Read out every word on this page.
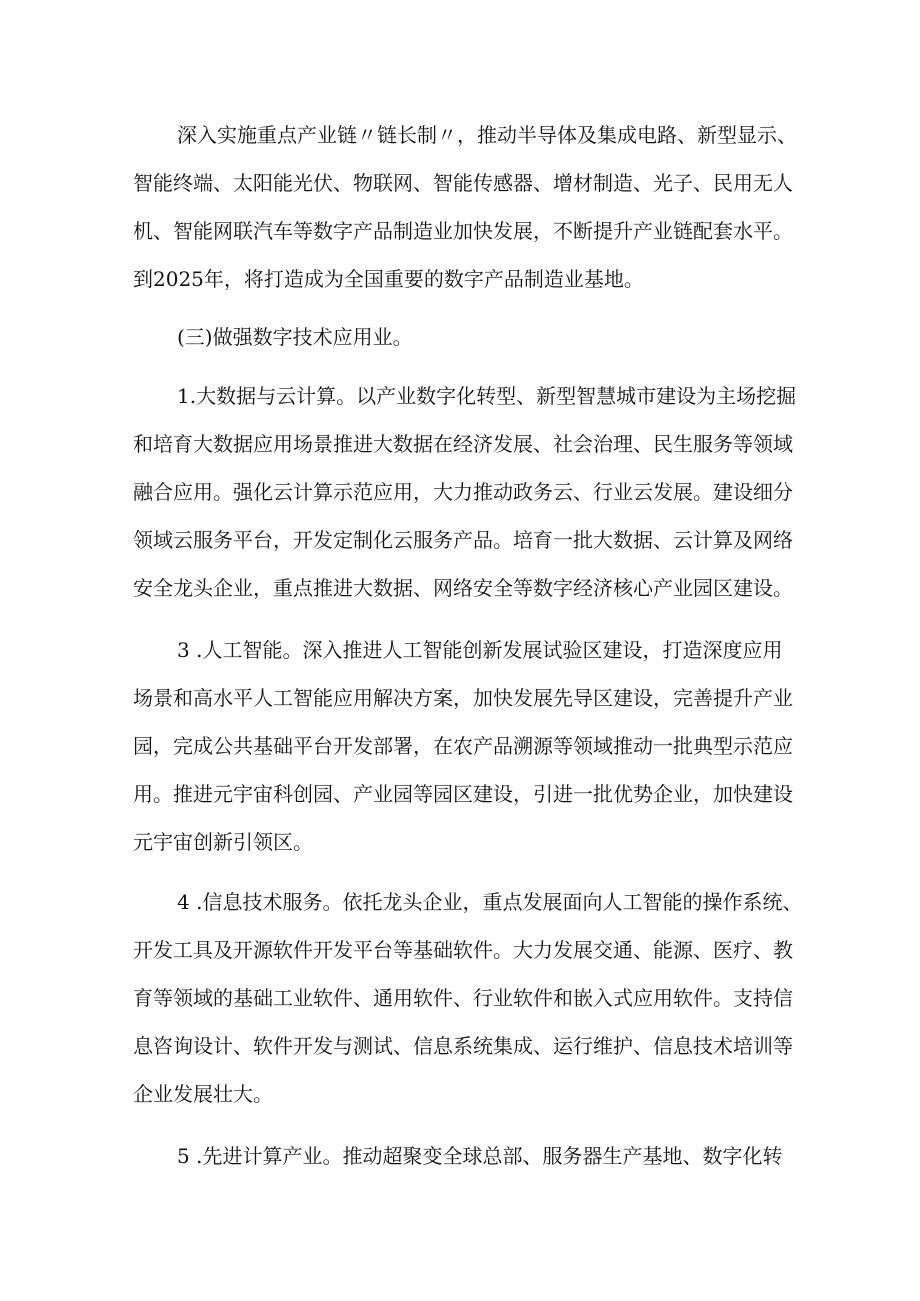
深入实施重点产业链〃链长制〃，推动半导体及集成电路、新型显示、
智能终端、太阳能光伏、物联网、智能传感器、增材制造、光子、民用无人
机、智能网联汽车等数字产品制造业加快发展，不断提升产业链配套水平。
到2025年，将打造成为全国重要的数字产品制造业基地。
(三)做强数字技术应用业。
1.大数据与云计算。以产业数字化转型、新型智慧城市建设为主场挖掘
和培育大数据应用场景推进大数据在经济发展、社会治理、民生服务等领域
融合应用。强化云计算示范应用，大力推动政务云、行业云发展。建设细分
领域云服务平台，开发定制化云服务产品。培育一批大数据、云计算及网络
安全龙头企业，重点推进大数据、网络安全等数字经济核心产业园区建设。
3 .人工智能。深入推进人工智能创新发展试验区建设，打造深度应用
场景和高水平人工智能应用解决方案，加快发展先导区建设，完善提升产业
园，完成公共基础平台开发部署，在农产品溯源等领域推动一批典型示范应
用。推进元宇宙科创园、产业园等园区建设，引进一批优势企业，加快建设
元宇宙创新引领区。
4 .信息技术服务。依托龙头企业，重点发展面向人工智能的操作系统、
开发工具及开源软件开发平台等基础软件。大力发展交通、能源、医疗、教
育等领域的基础工业软件、通用软件、行业软件和嵌入式应用软件。支持信
息咨询设计、软件开发与测试、信息系统集成、运行维护、信息技术培训等
企业发展壮大。
5 .先进计算产业。推动超聚变全球总部、服务器生产基地、数字化转
